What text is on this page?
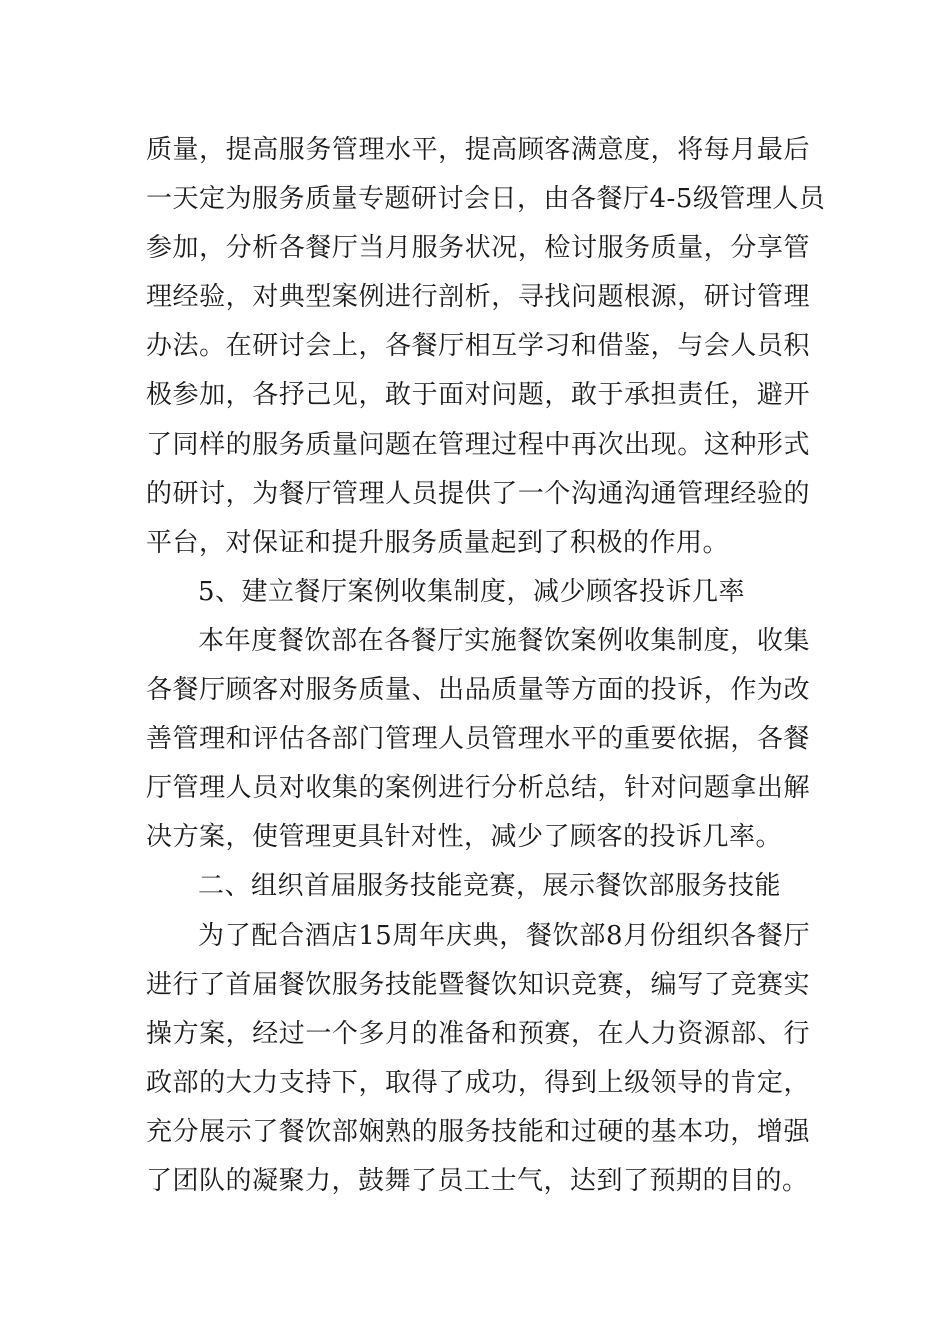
质量，提高服务管理水平，提高顾客满意度，将每月最后
一天定为服务质量专题研讨会日，由各餐厅4-5级管理人员
参加，分析各餐厅当月服务状况，检讨服务质量，分享管
理经验，对典型案例进行剖析，寻找问题根源，研讨管理
办法。在研讨会上，各餐厅相互学习和借鉴，与会人员积
极参加，各抒己见，敢于面对问题，敢于承担责任，避开
了同样的服务质量问题在管理过程中再次出现。这种形式
的研讨，为餐厅管理人员提供了一个沟通沟通管理经验的
平台，对保证和提升服务质量起到了积极的作用。

5、建立餐厅案例收集制度，减少顾客投诉几率

本年度餐饮部在各餐厅实施餐饮案例收集制度，收集
各餐厅顾客对服务质量、出品质量等方面的投诉，作为改
善管理和评估各部门管理人员管理水平的重要依据，各餐
厅管理人员对收集的案例进行分析总结，针对问题拿出解
决方案，使管理更具针对性，减少了顾客的投诉几率。

二、组织首届服务技能竞赛，展示餐饮部服务技能

为了配合酒店15周年庆典，餐饮部8月份组织各餐厅
进行了首届餐饮服务技能暨餐饮知识竞赛，编写了竞赛实
操方案，经过一个多月的准备和预赛，在人力资源部、行
政部的大力支持下，取得了成功，得到上级领导的肯定，
充分展示了餐饮部娴熟的服务技能和过硬的基本功，增强
了团队的凝聚力，鼓舞了员工士气，达到了预期的目的。
